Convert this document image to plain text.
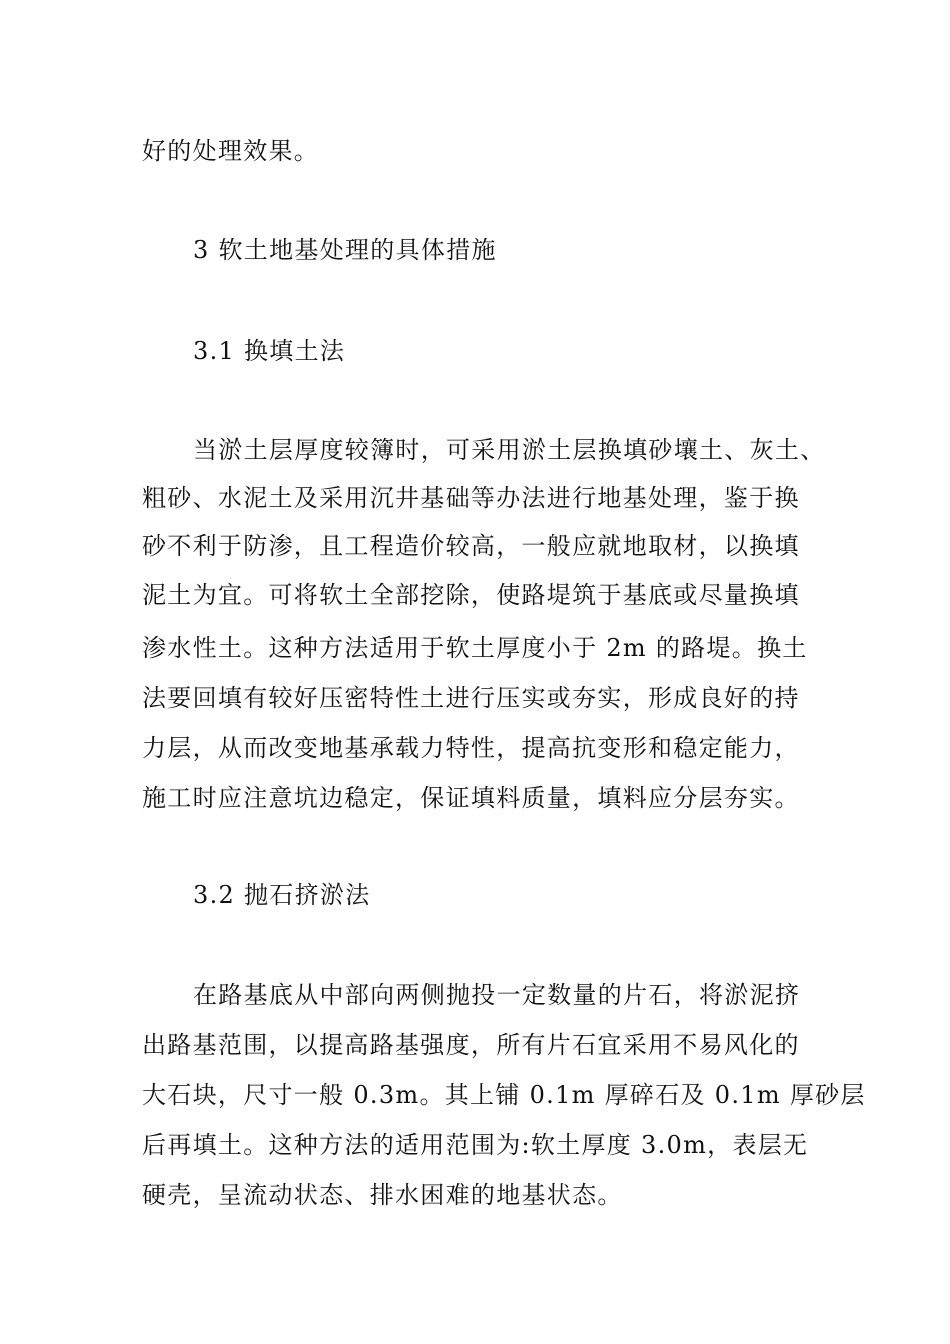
好的处理效果。
3 软土地基处理的具体措施
3.1 换填土法
当淤土层厚度较簿时，可采用淤土层换填砂壤土、灰土、
粗砂、水泥土及采用沉井基础等办法进行地基处理，鉴于换
砂不利于防渗，且工程造价较高，一般应就地取材，以换填
泥土为宜。可将软土全部挖除，使路堤筑于基底或尽量换填
渗水性土。这种方法适用于软土厚度小于 2m 的路堤。换土
法要回填有较好压密特性土进行压实或夯实，形成良好的持
力层，从而改变地基承载力特性，提高抗变形和稳定能力，
施工时应注意坑边稳定，保证填料质量，填料应分层夯实。
3.2 抛石挤淤法
在路基底从中部向两侧抛投一定数量的片石，将淤泥挤
出路基范围，以提高路基强度，所有片石宜采用不易风化的
大石块，尺寸一般 0.3m。其上铺 0.1m 厚碎石及 0.1m 厚砂层
后再填土。这种方法的适用范围为:软土厚度 3.0m，表层无
硬壳，呈流动状态、排水困难的地基状态。
